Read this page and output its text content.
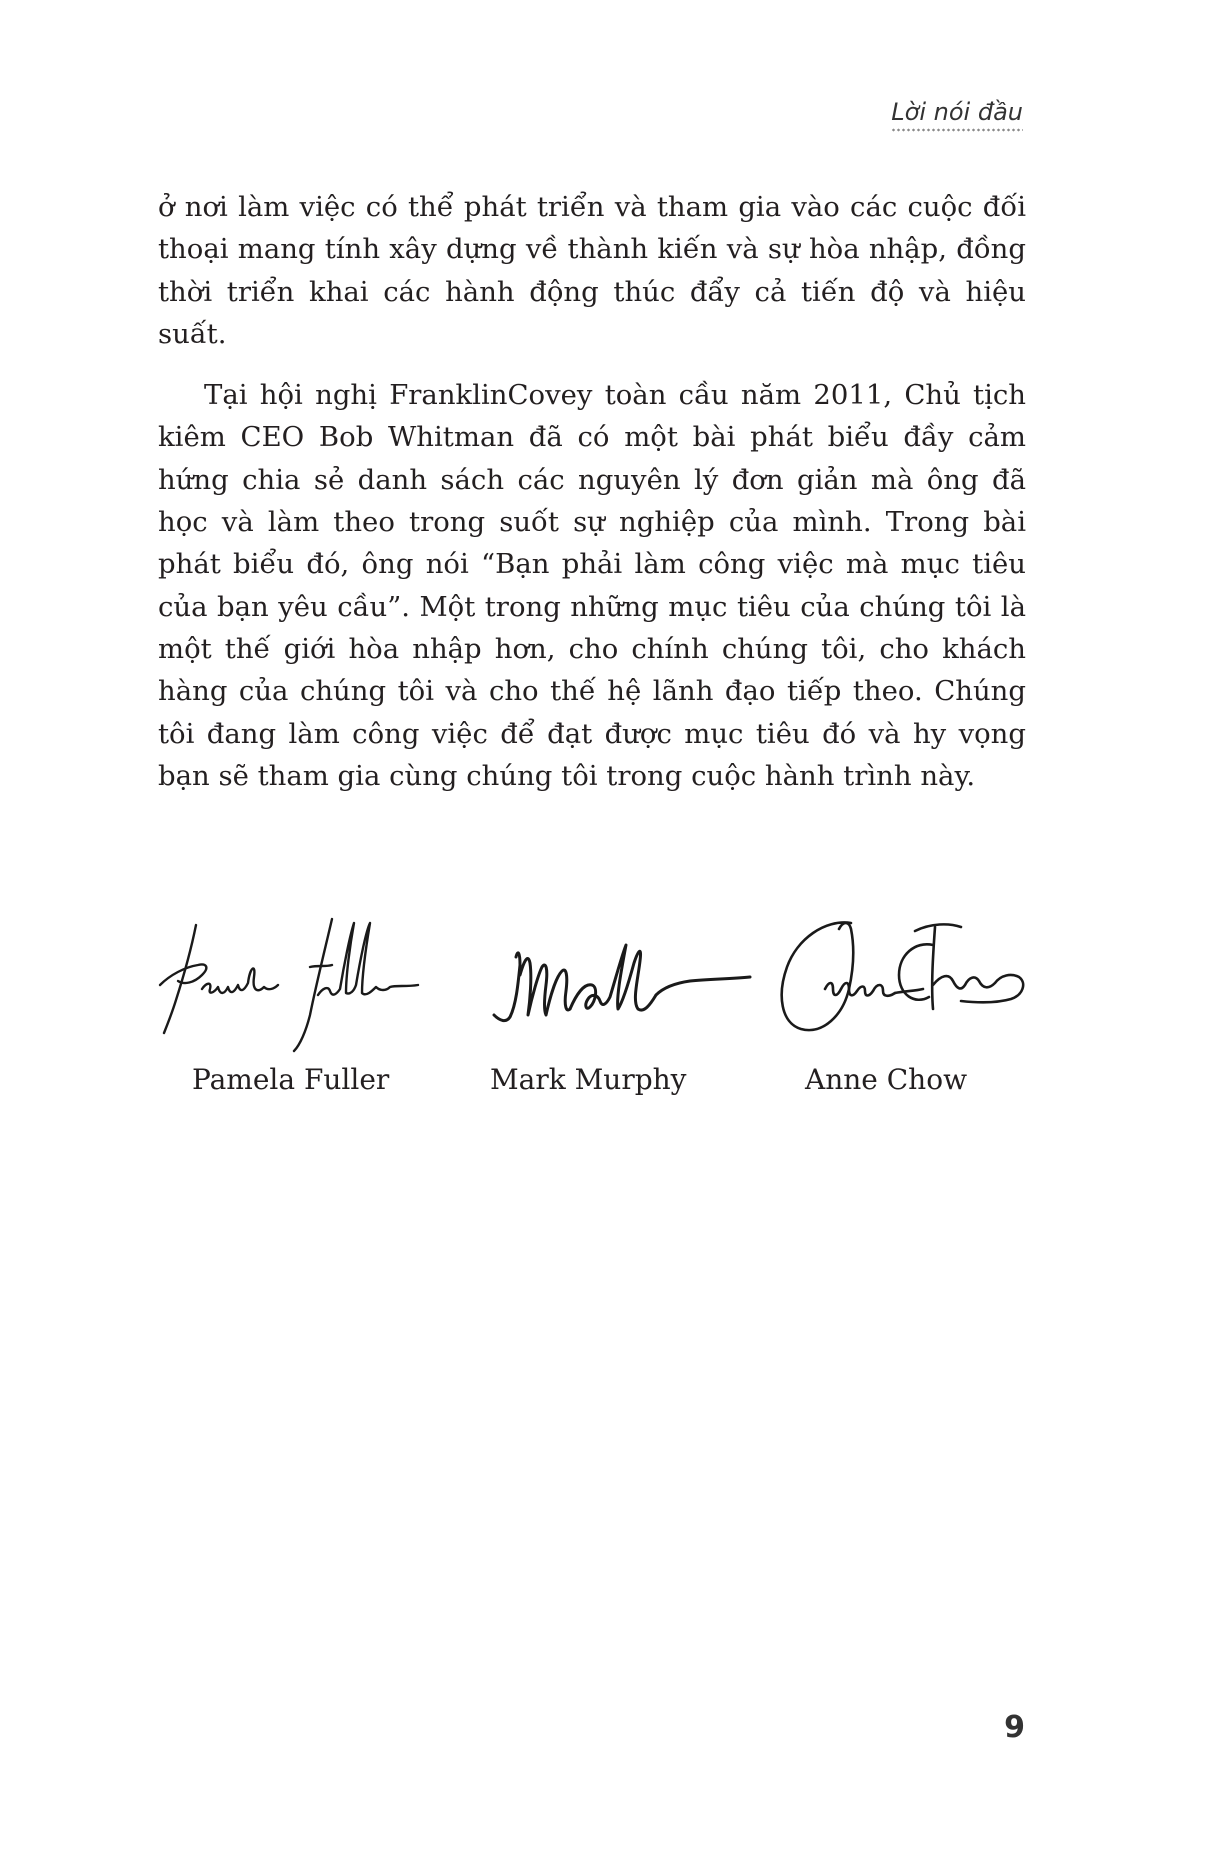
Lời nói đầu

ở nơi làm việc có thể phát triển và tham gia vào các cuộc đối thoại mang tính xây dựng về thành kiến và sự hòa nhập, đồng thời triển khai các hành động thúc đẩy cả tiến độ và hiệu suất.

Tại hội nghị FranklinCovey toàn cầu năm 2011, Chủ tịch kiêm CEO Bob Whitman đã có một bài phát biểu đầy cảm hứng chia sẻ danh sách các nguyên lý đơn giản mà ông đã học và làm theo trong suốt sự nghiệp của mình. Trong bài phát biểu đó, ông nói “Bạn phải làm công việc mà mục tiêu của bạn yêu cầu”. Một trong những mục tiêu của chúng tôi là một thế giới hòa nhập hơn, cho chính chúng tôi, cho khách hàng của chúng tôi và cho thế hệ lãnh đạo tiếp theo. Chúng tôi đang làm công việc để đạt được mục tiêu đó và hy vọng bạn sẽ tham gia cùng chúng tôi trong cuộc hành trình này.

Pamela Fuller	Mark Murphy	Anne Chow
9
